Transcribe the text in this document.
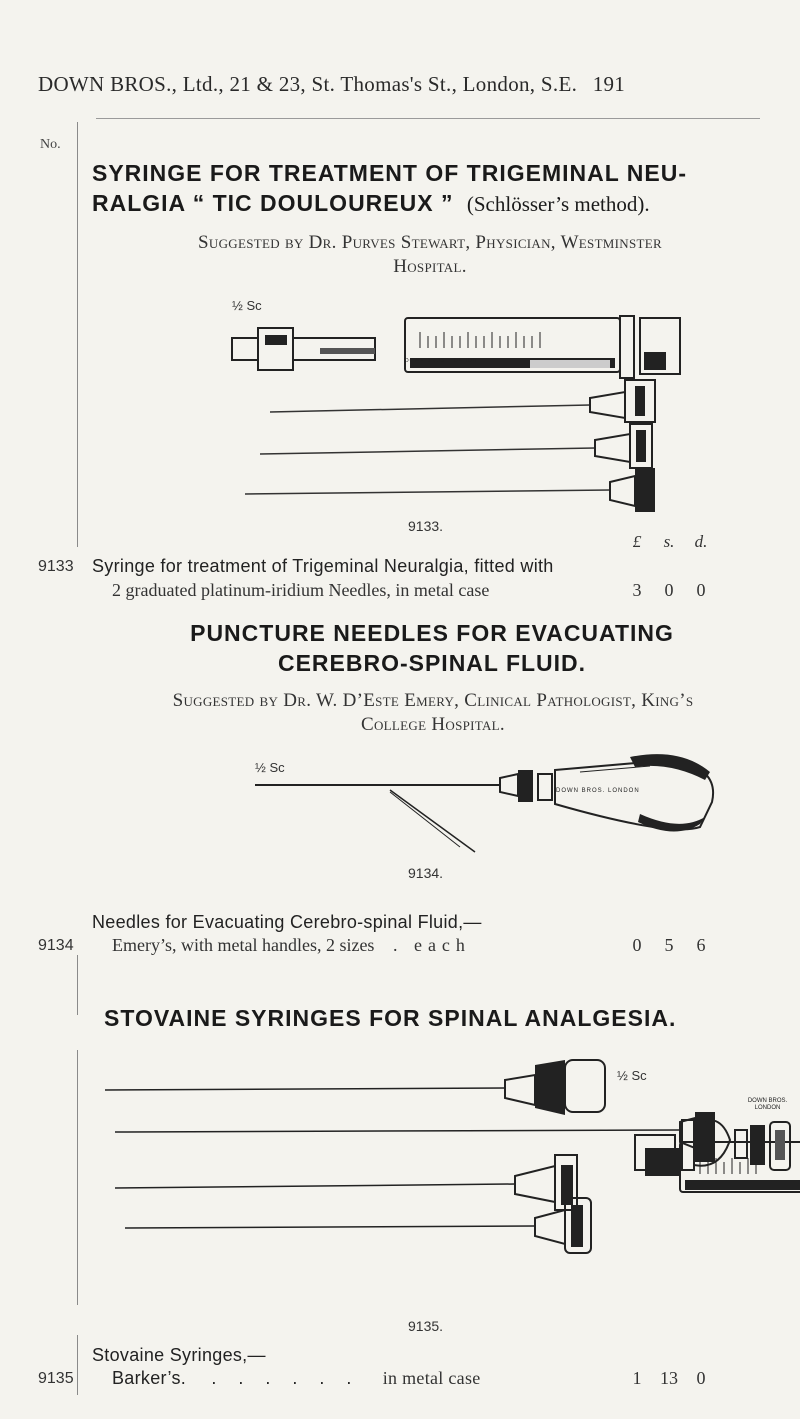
DOWN BROS., Ltd., 21 & 23, St. Thomas's St., London, S.E. 191
No.
SYRINGE FOR TREATMENT OF TRIGEMINAL NEU-
RALGIA “ TIC DOULOUREUX ” (Schlösser’s method).
Suggested by Dr. Purves Stewart, Physician, Westminster
Hospital.
½ Sc
DOWN BROS. LONDON
9133.
£ s. d.
9133 Syringe for treatment of Trigeminal Neuralgia, fitted with
2 graduated platinum-iridium Needles, in metal case	3 0 0
PUNCTURE NEEDLES FOR EVACUATING
CEREBRO-SPINAL FLUID.
Suggested by Dr. W. D’Este Emery, Clinical Pathologist, King’s
College Hospital.
½ Sc
DOWN BROS. LONDON
9134.
Needles for Evacuating Cerebro-spinal Fluid,—
9134 Emery’s, with metal handles, 2 sizes . each	0 5 6
STOVAINE SYRINGES FOR SPINAL ANALGESIA.
½ Sc
DOWN BROS. LONDON
9135.
Stovaine Syringes,—
9135 Barker’s. ...... in metal case	1 13 0
